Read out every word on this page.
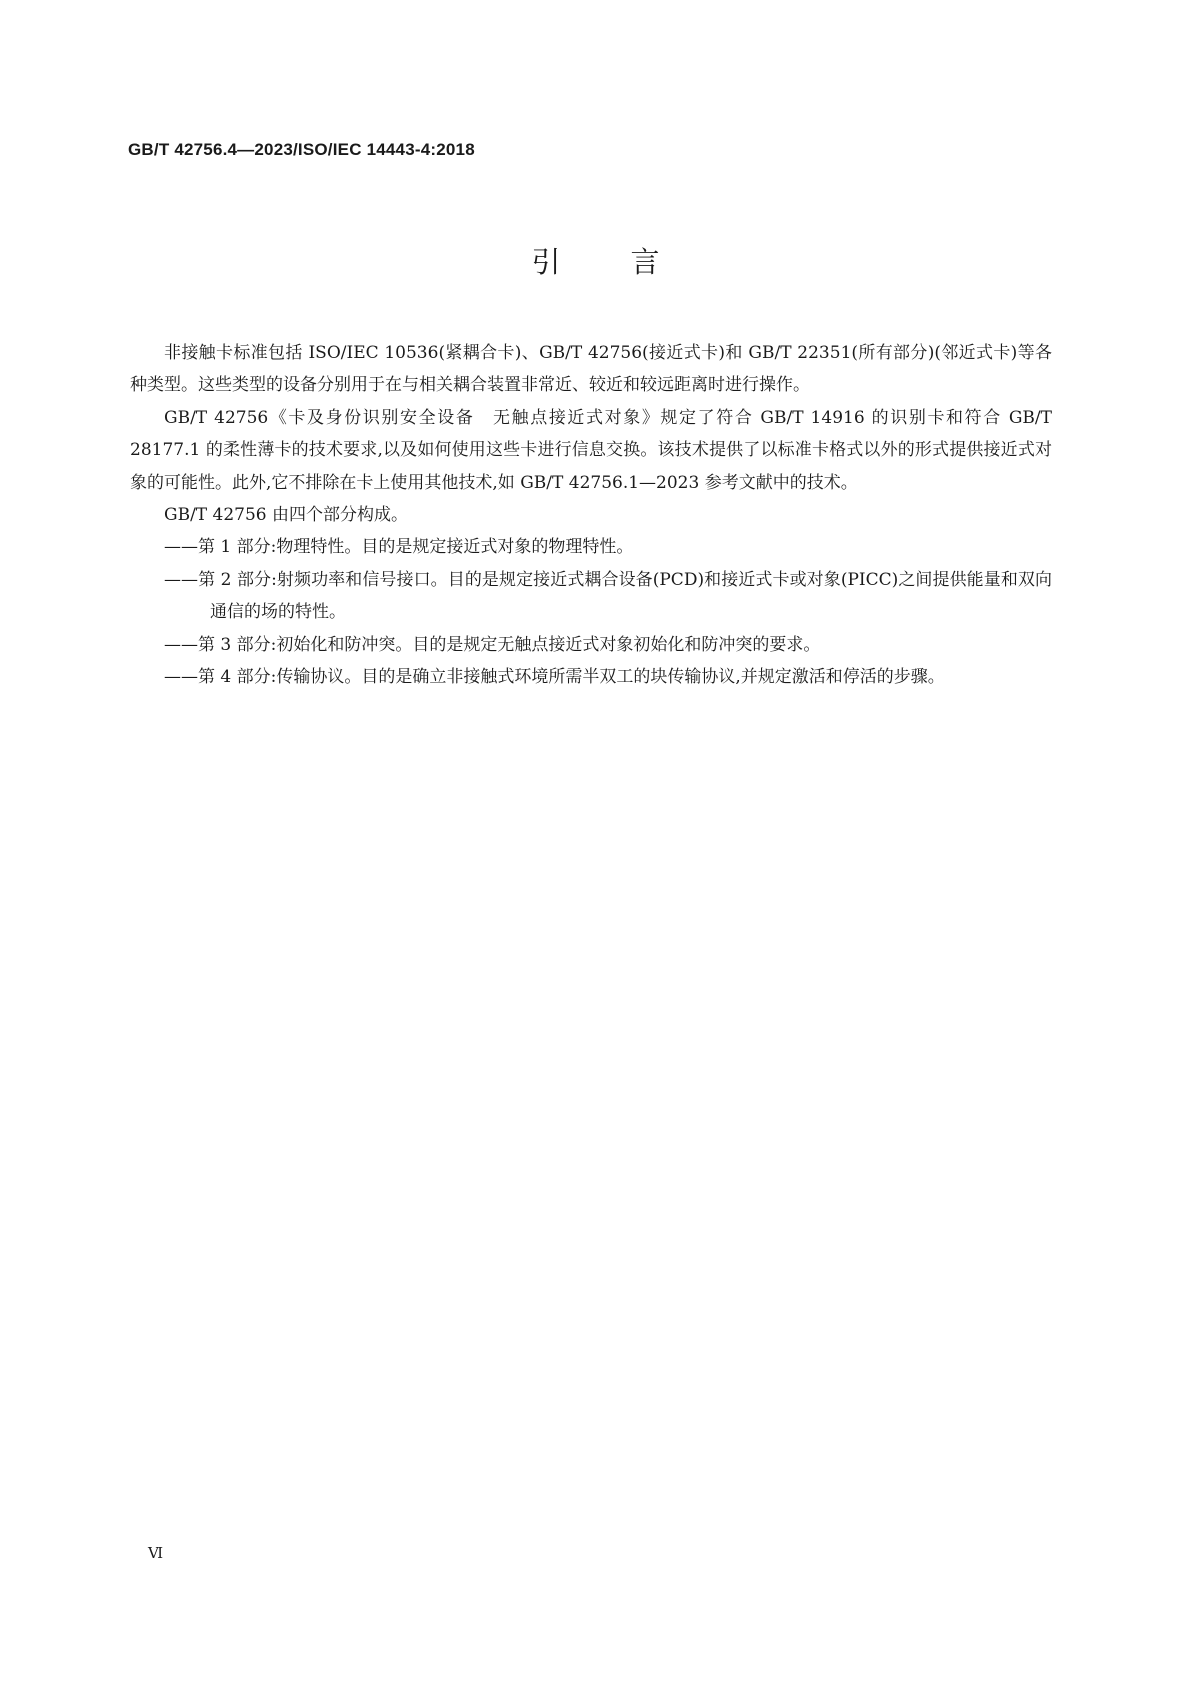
GB/T 42756.4—2023/ISO/IEC 14443-4:2018
引言

非接触卡标准包括 ISO/IEC 10536(紧耦合卡)、GB/T 42756(接近式卡)和 GB/T 22351(所有部分)(邻近式卡)等各种类型。这些类型的设备分别用于在与相关耦合装置非常近、较近和较远距离时进行操作。

GB/T 42756《卡及身份识别安全设备　无触点接近式对象》规定了符合 GB/T 14916 的识别卡和符合 GB/T 28177.1 的柔性薄卡的技术要求,以及如何使用这些卡进行信息交换。该技术提供了以标准卡格式以外的形式提供接近式对象的可能性。此外,它不排除在卡上使用其他技术,如 GB/T 42756.1—2023 参考文献中的技术。

GB/T 42756 由四个部分构成。

——第 1 部分:物理特性。目的是规定接近式对象的物理特性。

——第 2 部分:射频功率和信号接口。目的是规定接近式耦合设备(PCD)和接近式卡或对象(PICC)之间提供能量和双向通信的场的特性。

——第 3 部分:初始化和防冲突。目的是规定无触点接近式对象初始化和防冲突的要求。

——第 4 部分:传输协议。目的是确立非接触式环境所需半双工的块传输协议,并规定激活和停活的步骤。

Ⅵ
